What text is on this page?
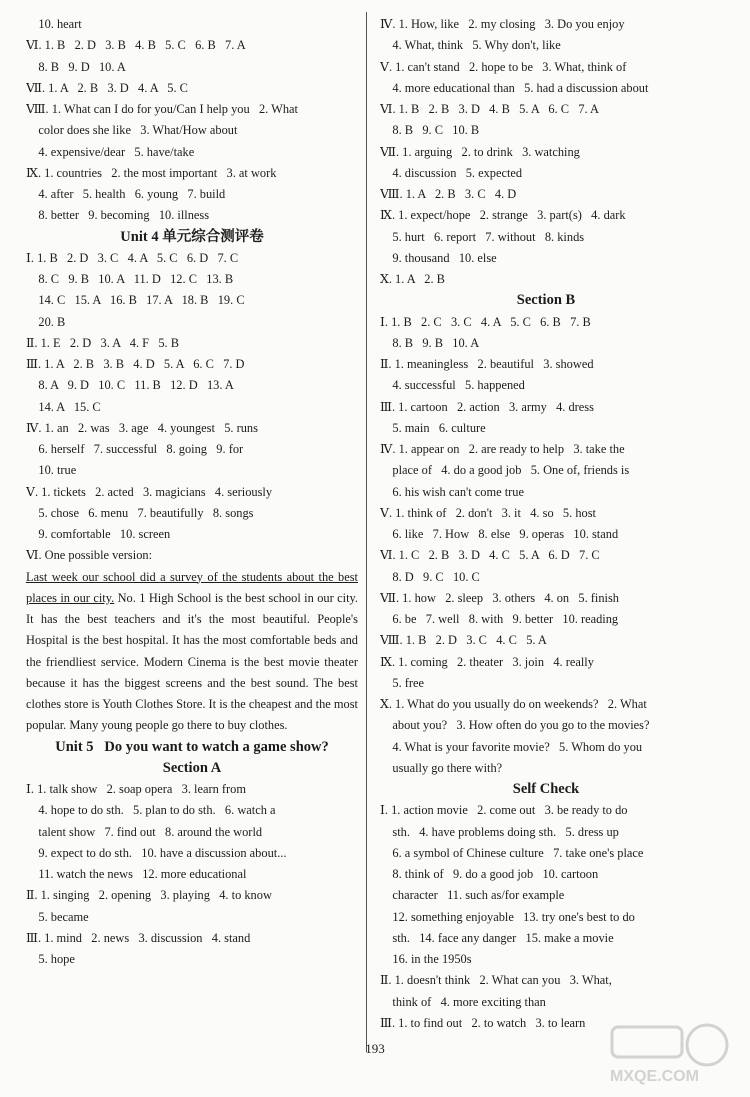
10. heart
Ⅵ. 1. B   2. D   3. B   4. B   5. C   6. B   7. A
8. B   9. D   10. A
Ⅶ. 1. A   2. B   3. D   4. A   5. C
Ⅷ. 1. What can I do for you/Can I help you   2. What
color does she like   3. What/How about
4. expensive/dear   5. have/take
Ⅸ. 1. countries   2. the most important   3. at work
4. after   5. health   6. young   7. build
8. better   9. becoming   10. illness
Unit 4 单元综合测评卷
Ⅰ. 1. B   2. D   3. C   4. A   5. C   6. D   7. C
8. C   9. B   10. A   11. D   12. C   13. B
14. C   15. A   16. B   17. A   18. B   19. C
20. B
Ⅱ. 1. E   2. D   3. A   4. F   5. B
Ⅲ. 1. A   2. B   3. B   4. D   5. A   6. C   7. D
8. A   9. D   10. C   11. B   12. D   13. A
14. A   15. C
Ⅳ. 1. an   2. was   3. age   4. youngest   5. runs
6. herself   7. successful   8. going   9. for
10. true
Ⅴ. 1. tickets   2. acted   3. magicians   4. seriously
5. chose   6. menu   7. beautifully   8. songs
9. comfortable   10. screen
Ⅵ. One possible version:
Last week our school did a survey of the students about the best places in our city. No. 1 High School is the best school in our city. It has the best teachers and it's the most beautiful. People's Hospital is the best hospital. It has the most comfortable beds and the friendliest service. Modern Cinema is the best movie theater because it has the biggest screens and the best sound. The best clothes store is Youth Clothes Store. It is the cheapest and the most popular. Many young people go there to buy clothes.
Unit 5   Do you want to watch a game show?
Section A
Ⅰ. 1. talk show   2. soap opera   3. learn from
4. hope to do sth.   5. plan to do sth.   6. watch a
talent show   7. find out   8. around the world
9. expect to do sth.   10. have a discussion about...
11. watch the news   12. more educational
Ⅱ. 1. singing   2. opening   3. playing   4. to know
5. became
Ⅲ. 1. mind   2. news   3. discussion   4. stand
5. hope
Ⅳ. 1. How, like   2. my closing   3. Do you enjoy
4. What, think   5. Why don't, like
Ⅴ. 1. can't stand   2. hope to be   3. What, think of
4. more educational than   5. had a discussion about
Ⅵ. 1. B   2. B   3. D   4. B   5. A   6. C   7. A
8. B   9. C   10. B
Ⅶ. 1. arguing   2. to drink   3. watching
4. discussion   5. expected
Ⅷ. 1. A   2. B   3. C   4. D
Ⅸ. 1. expect/hope   2. strange   3. part(s)   4. dark
5. hurt   6. report   7. without   8. kinds
9. thousand   10. else
Ⅹ. 1. A   2. B
Section B
Ⅰ. 1. B   2. C   3. C   4. A   5. C   6. B   7. B
8. B   9. B   10. A
Ⅱ. 1. meaningless   2. beautiful   3. showed
4. successful   5. happened
Ⅲ. 1. cartoon   2. action   3. army   4. dress
5. main   6. culture
Ⅳ. 1. appear on   2. are ready to help   3. take the
place of   4. do a good job   5. One of, friends is
6. his wish can't come true
Ⅴ. 1. think of   2. don't   3. it   4. so   5. host
6. like   7. How   8. else   9. operas   10. stand
Ⅵ. 1. C   2. B   3. D   4. C   5. A   6. D   7. C
8. D   9. C   10. C
Ⅶ. 1. how   2. sleep   3. others   4. on   5. finish
6. be   7. well   8. with   9. better   10. reading
Ⅷ. 1. B   2. D   3. C   4. C   5. A
Ⅸ. 1. coming   2. theater   3. join   4. really
5. free
Ⅹ. 1. What do you usually do on weekends?   2. What
about you?   3. How often do you go to the movies?
4. What is your favorite movie?   5. Whom do you
usually go there with?
Self Check
Ⅰ. 1. action movie   2. come out   3. be ready to do
sth.   4. have problems doing sth.   5. dress up
6. a symbol of Chinese culture   7. take one's place
8. think of   9. do a good job   10. cartoon
character   11. such as/for example
12. something enjoyable   13. try one's best to do
sth.   14. face any danger   15. make a movie
16. in the 1950s
Ⅱ. 1. doesn't think   2. What can you   3. What,
think of   4. more exciting than
Ⅲ. 1. to find out   2. to watch   3. to learn
193
MXQE.COM
